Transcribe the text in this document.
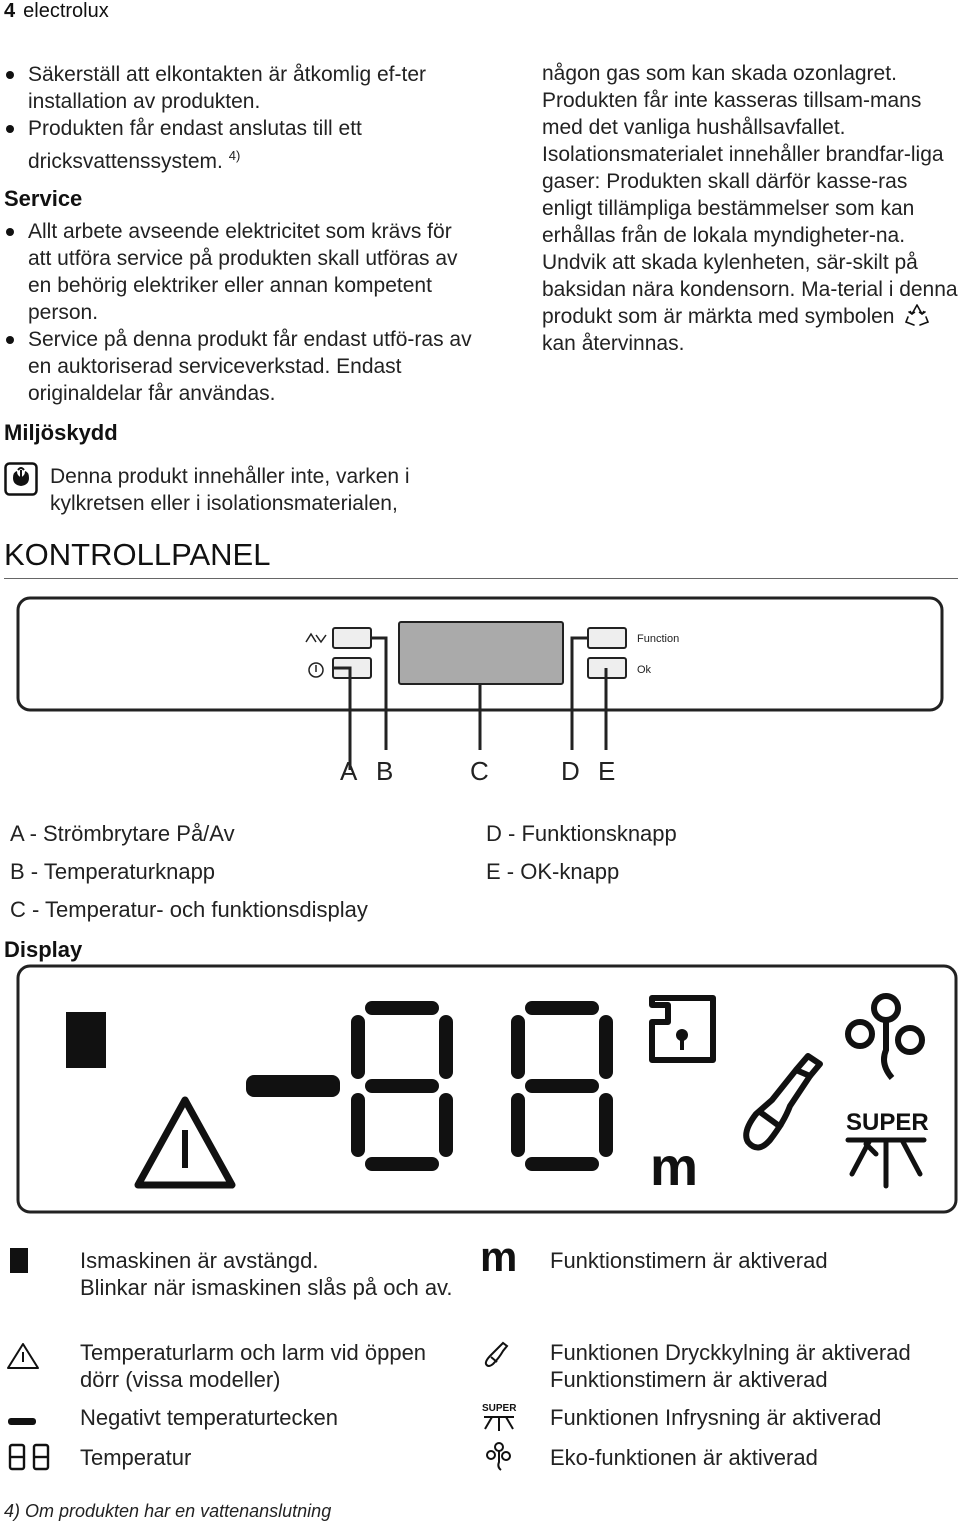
4 electrolux
Säkerställ att elkontakten är åtkomlig ef-ter installation av produkten.
Produkten får endast anslutas till ett dricksvattenssystem. $^{4)}$
Service
Allt arbete avseende elektricitet som krävs för att utföra service på produkten skall utföras av en behörig elektriker eller annan kompetent person.
Service på denna produkt får endast utfö-ras av en auktoriserad serviceverkstad. Endast originaldelar får användas.
Miljöskydd
Denna produkt innehåller inte, varken i kylkretsen eller i isolationsmaterialen,
någon gas som kan skada ozonlagret. Produkten får inte kasseras tillsam-mans med det vanliga hushållsavfallet. Isolationsmaterialet innehåller brandfar-liga gaser: Produkten skall därför kasse-ras enligt tillämpliga bestämmelser som kan erhållas från de lokala myndigheter-na. Undvik att skada kylenheten, sär-skilt på baksidan nära kondensorn. Ma-terial i denna produkt som är märkta med symbolen  kan återvinnas.
KONTROLLPANEL
Function
Ok
A B	C	D E
A - Strömbrytare På/Av
B - Temperaturknapp
C - Temperatur- och funktionsdisplay
D - Funktionsknapp
E - OK-knapp
Display
m
SUPER
Ismaskinen är avstängd.
Blinkar när ismaskinen slås på och av.
Temperaturlarm och larm vid öppen dörr (vissa modeller)
Negativt temperaturtecken
Temperatur
m Funktionstimern är aktiverad
Funktionen Dryckkylning är aktiverad
Funktionstimern är aktiverad
SUPER Funktionen Infrysning är aktiverad
Eko-funktionen är aktiverad
4) Om produkten har en vattenanslutning
